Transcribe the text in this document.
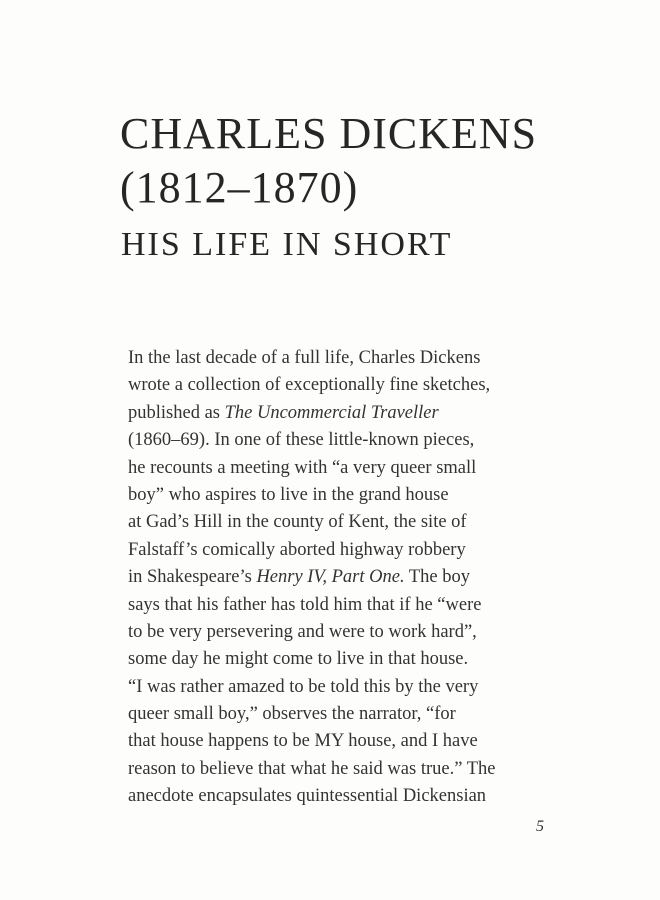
CHARLES DICKENS
(1812–1870)
HIS LIFE IN SHORT
In the last decade of a full life, Charles Dickens
wrote a collection of exceptionally fine sketches,
published as The Uncommercial Traveller
(1860–69). In one of these little-known pieces,
he recounts a meeting with “a very queer small
boy” who aspires to live in the grand house
at Gad’s Hill in the county of Kent, the site of
Falstaff’s comically aborted highway robbery
in Shakespeare’s Henry IV, Part One. The boy
says that his father has told him that if he “were
to be very persevering and were to work hard”,
some day he might come to live in that house.
“I was rather amazed to be told this by the very
queer small boy,” observes the narrator, “for
that house happens to be MY house, and I have
reason to believe that what he said was true.” The
anecdote encapsulates quintessential Dickensian
5
